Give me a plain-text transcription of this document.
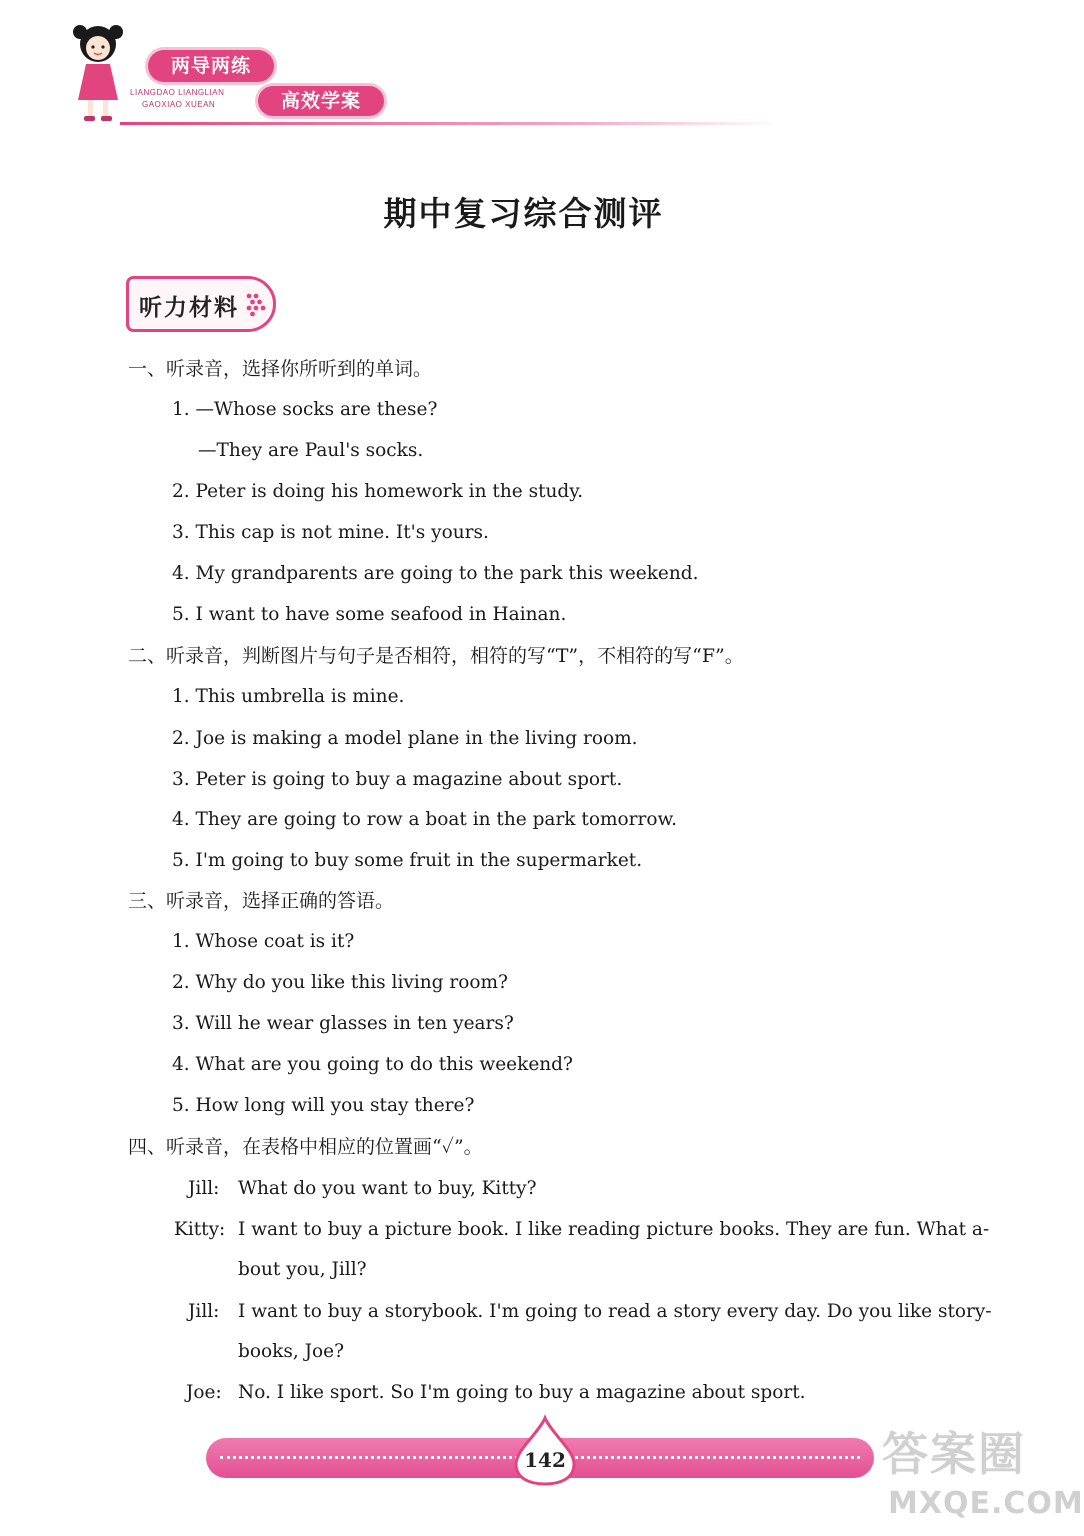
两导两练
LIANGDAO LIANGLIAN
GAOXIAO XUEAN	高效学案
期中复习综合测评
听力材料
一、听录音，选择你所听到的单词。
1. —Whose socks are these?
—They are Paul's socks.
2. Peter is doing his homework in the study.
3. This cap is not mine. It's yours.
4. My grandparents are going to the park this weekend.
5. I want to have some seafood in Hainan.
二、听录音，判断图片与句子是否相符，相符的写“T”，不相符的写“F”。
1. This umbrella is mine.
2. Joe is making a model plane in the living room.
3. Peter is going to buy a magazine about sport.
4. They are going to row a boat in the park tomorrow.
5. I'm going to buy some fruit in the supermarket.
三、听录音，选择正确的答语。
1. Whose coat is it?
2. Why do you like this living room?
3. Will he wear glasses in ten years?
4. What are you going to do this weekend?
5. How long will you stay there?
四、听录音，在表格中相应的位置画“✓”。
Jill: What do you want to buy, Kitty?
Kitty: I want to buy a picture book. I like reading picture books. They are fun. What a-
bout you, Jill?
Jill: I want to buy a storybook. I'm going to read a story every day. Do you like story-
books, Joe?
Joe: No. I like sport. So I'm going to buy a magazine about sport.
142	答案圈
MXQE.COM
